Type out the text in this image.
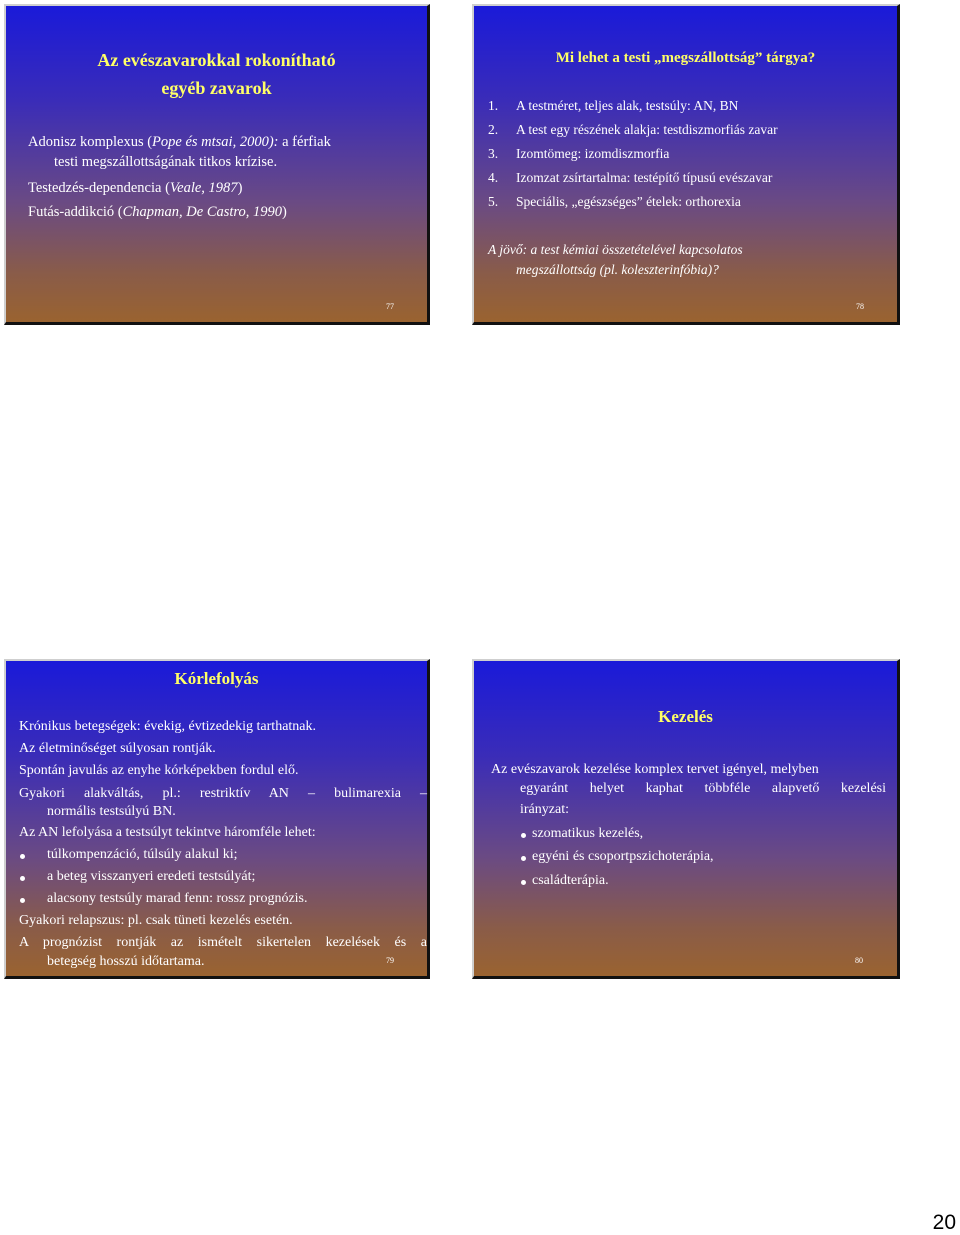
Az evészavarokkal rokonítható
egyéb zavarok
Adonisz komplexus (Pope és mtsai, 2000): a férfiak
testi megszállottságának titkos krízise.
Testedzés-dependencia (Veale, 1987)
Futás-addikció (Chapman, De Castro, 1990)
77
Mi lehet a testi „megszállottság” tárgya?
1. A testméret, teljes alak, testsúly: AN, BN
2. A test egy részének alakja: testdiszmorfiás zavar
3. Izomtömeg: izomdiszmorfia
4. Izomzat zsírtartalma: testépítő típusú evészavar
5. Speciális, „egészséges” ételek: orthorexia
A jövő: a test kémiai összetételével kapcsolatos
megszállottság (pl. koleszterinfóbia)?
78
Kórlefolyás
Krónikus betegségek: évekig, évtizedekig tarthatnak.
Az életminőséget súlyosan rontják.
Spontán javulás az enyhe kórképekben fordul elő.
Gyakori alakváltás, pl.: restriktív AN – bulimarexia –
normális testsúlyú BN.
Az AN lefolyása a testsúlyt tekintve háromféle lehet:
túlkompenzáció, túlsúly alakul ki;
a beteg visszanyeri eredeti testsúlyát;
alacsony testsúly marad fenn: rossz prognózis.
Gyakori relapszus: pl. csak tüneti kezelés esetén.
A prognózist rontják az ismételt sikertelen kezelések és a
betegség hosszú időtartama.	79
Kezelés
Az evészavarok kezelése komplex tervet igényel, melyben
egyaránt helyet kaphat többféle alapvető kezelési
irányzat:
szomatikus kezelés,
egyéni és csoportpszichoterápia,
családterápia.
80
20
